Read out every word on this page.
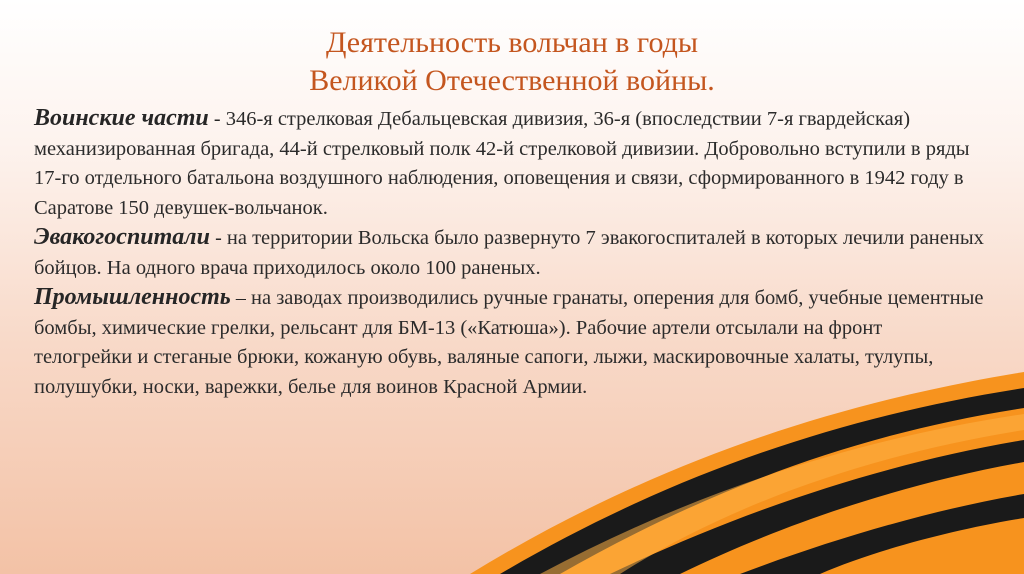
Деятельность вольчан в годы
Великой Отечественной войны.

Воинские части - 346-я стрелковая Дебальцевская дивизия, 36-я (впоследствии 7-я гвардейская) механизированная бригада, 44-й стрелковый полк 42-й стрелковой дивизии. Добровольно вступили в ряды 17-го отдельного батальона воздушного наблюдения, оповещения и связи, сформированного в 1942 году в Саратове 150 девушек-вольчанок.

Эвакогоспитали - на территории Вольска было развернуто 7 эвакогоспиталей в которых лечили раненых бойцов. На одного врача приходилось около 100 раненых.

Промышленность – на заводах производились ручные гранаты, оперения для бомб, учебные цементные бомбы, химические грелки, рельсант для БМ-13 («Катюша»). Рабочие артели отсылали на фронт телогрейки и стеганые брюки, кожаную обувь, валяные сапоги, лыжи, маскировочные халаты, тулупы, полушубки, носки, варежки, белье для воинов Красной Армии.
